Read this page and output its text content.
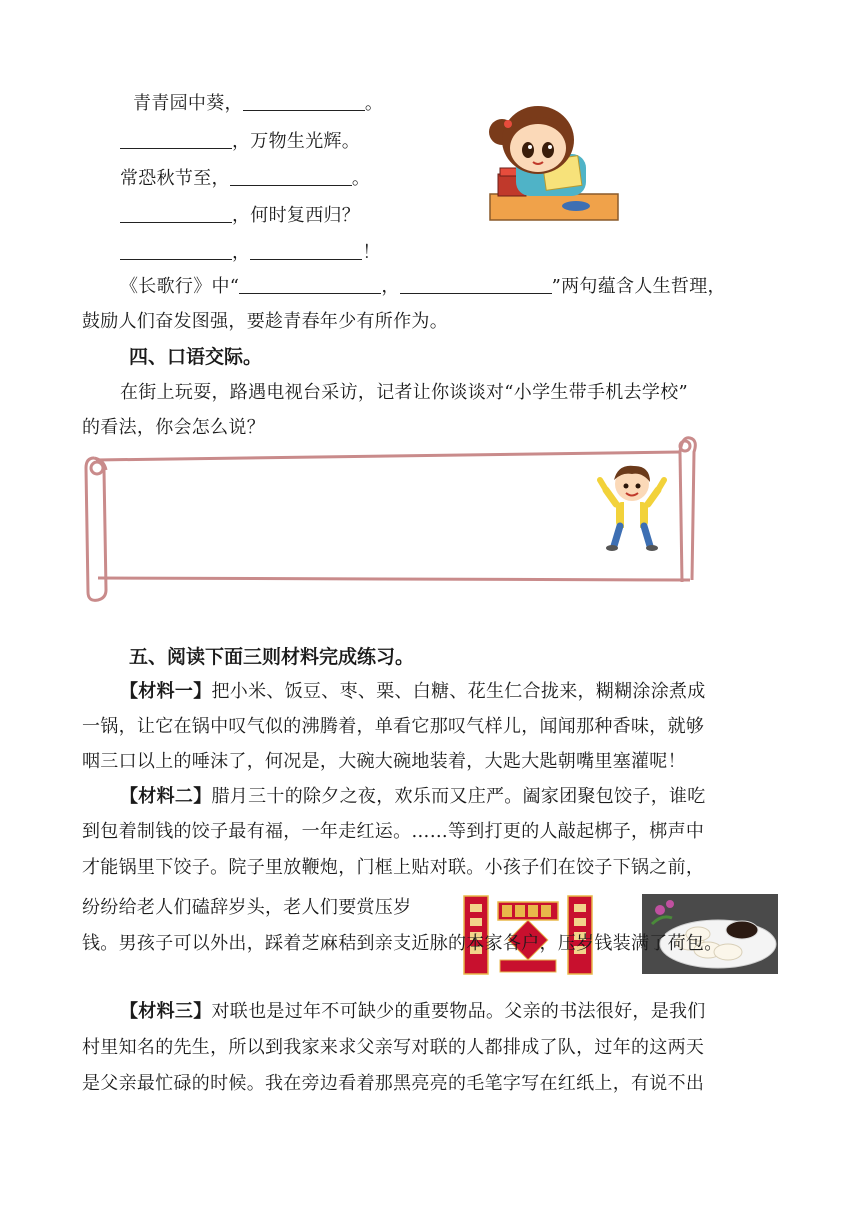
青青园中葵，	。
，万物生光辉。
常恐秋节至，	。
，何时复西归？
，	！
《长歌行》中“	，	”两句蕴含人生哲理，
鼓励人们奋发图强，要趁青春年少有所作为。
四、口语交际。
在街上玩耍，路遇电视台采访，记者让你谈谈对“小学生带手机去学校”
的看法，你会怎么说？
五、阅读下面三则材料完成练习。
【材料一】把小米、饭豆、枣、栗、白糖、花生仁合拢来，糊糊涂涂煮成
一锅，让它在锅中叹气似的沸腾着，单看它那叹气样儿，闻闻那种香味，就够
咽三口以上的唾沫了，何况是，大碗大碗地装着，大匙大匙朝嘴里塞灌呢！
【材料二】腊月三十的除夕之夜，欢乐而又庄严。阖家团聚包饺子，谁吃
到包着制钱的饺子最有福，一年走红运。……等到打更的人敲起梆子，梆声中
才能锅里下饺子。院子里放鞭炮，门框上贴对联。小孩子们在饺子下锅之前，
纷纷给老人们磕辞岁头，老人们要赏压岁
钱。男孩子可以外出，踩着芝麻秸到亲支近脉的本家各户，压岁钱装满了荷包。
【材料三】对联也是过年不可缺少的重要物品。父亲的书法很好，是我们
村里知名的先生，所以到我家来求父亲写对联的人都排成了队，过年的这两天
是父亲最忙碌的时候。我在旁边看着那黑亮亮的毛笔字写在红纸上，有说不出
